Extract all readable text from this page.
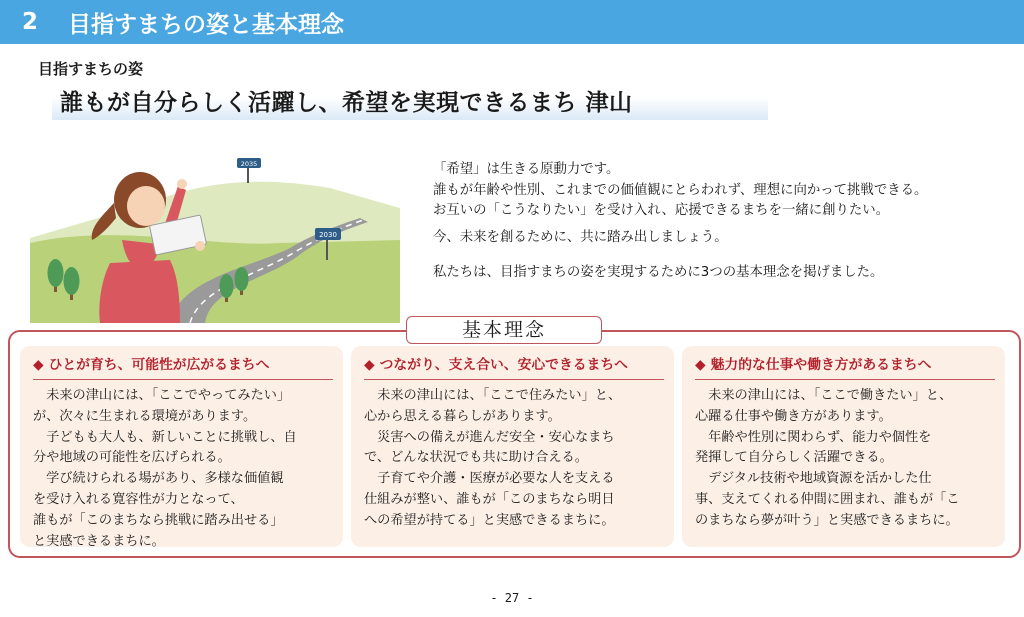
2 目指すまちの姿と基本理念
目指すまちの姿
誰もが自分らしく活躍し、希望を実現できるまち 津山
2030
2035	「希望」は生きる原動力です。

誰もが年齢や性別、これまでの価値観にとらわれず、理想に向かって挑戦できる。

お互いの「こうなりたい」を受け入れ、応援できるまちを一緒に創りたい。

今、未来を創るために、共に踏み出しましょう。

私たちは、目指すまちの姿を実現するために3つの基本理念を掲げました。

基本理念
◆ ひとが育ち、可能性が広がるまちへ
　未来の津山には、「ここでやってみたい」
が、次々に生まれる環境があります。
　子どもも大人も、新しいことに挑戦し、自
分や地域の可能性を広げられる。
　学び続けられる場があり、多様な価値観
を受け入れる寛容性が力となって、
誰もが「このまちなら挑戦に踏み出せる」
と実感できるまちに。
◆ つながり、支え合い、安心できるまちへ
　未来の津山には、「ここで住みたい」と、
心から思える暮らしがあります。
　災害への備えが進んだ安全・安心なまち
で、どんな状況でも共に助け合える。
　子育てや介護・医療が必要な人を支える
仕組みが整い、誰もが「このまちなら明日
への希望が持てる」と実感できるまちに。
◆ 魅力的な仕事や働き方があるまちへ
　未来の津山には、「ここで働きたい」と、
心躍る仕事や働き方があります。
　年齢や性別に関わらず、能力や個性を
発揮して自分らしく活躍できる。
　デジタル技術や地域資源を活かした仕
事、支えてくれる仲間に囲まれ、誰もが「こ
のまちなら夢が叶う」と実感できるまちに。
- 27 -
